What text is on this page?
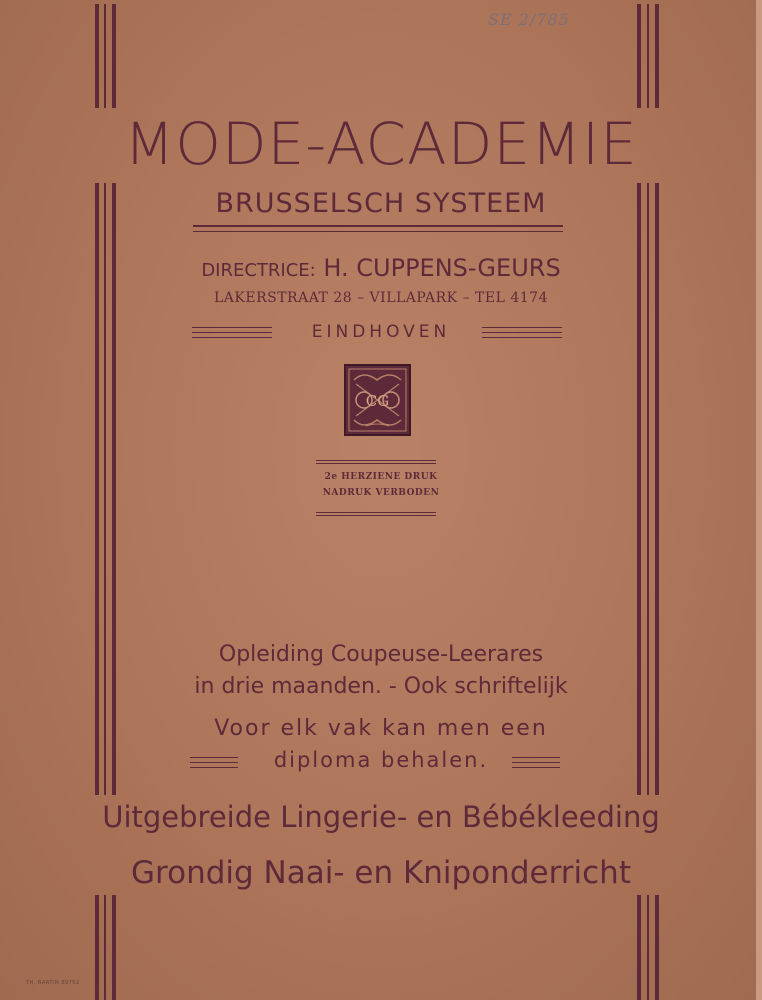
SE 2/785
MODE-ACADEMIE
BRUSSELSCH SYSTEEM
DIRECTRICE: H. CUPPENS-GEURS
LAKERSTRAAT 28 – VILLAPARK – TEL 4174
EINDHOVEN
CG
2e HERZIENE DRUK
NADRUK VERBODEN
Opleiding Coupeuse-Leerares
in drie maanden. - Ook schriftelijk
Voor elk vak kan men een
diploma behalen.
Uitgebreide Lingerie- en Bébékleeding
Grondig Naai- en Kniponderricht
TH. BARTIN 89752
